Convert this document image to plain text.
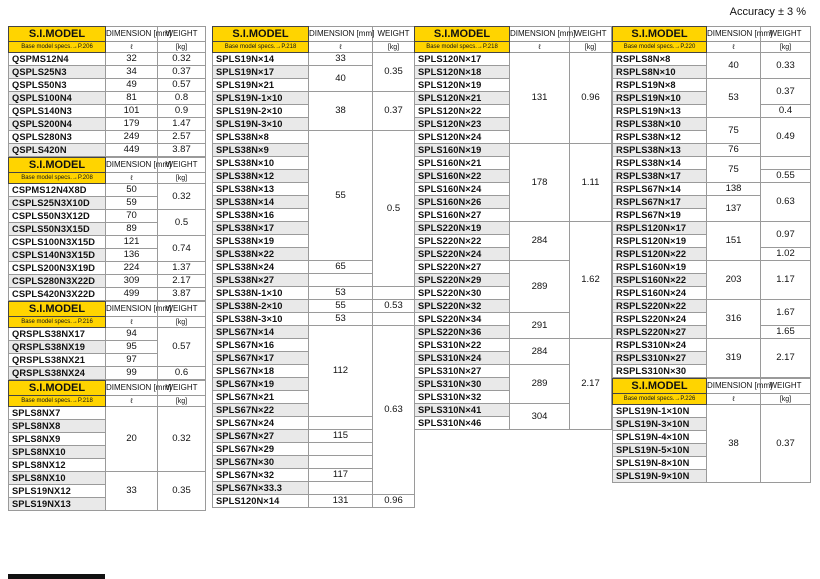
Accuracy ± 3 %
S.I.MODEL	DIMENSION [mm]	WEIGHT
Base model specs.→P.206	ℓ	[kg]
QSPMS12N4	32	0.32
QSPLS25N3	34	0.37
QSPLS50N3	49	0.57
QSPLS100N4	81	0.8
QSPLS140N3	101	0.9
QSPLS200N4	179	1.47
QSPLS280N3	249	2.57
QSPLS420N	449	3.87
S.I.MODEL	DIMENSION [mm]	WEIGHT
Base model specs.→P.208	ℓ	[kg]
CSPMS12N4X8D	50	0.32
CSPLS25N3X10D	59	
CSPLS50N3X12D	70	0.5
CSPLS50N3X15D	89	
CSPLS100N3X15D	121	0.74
CSPLS140N3X15D	136	
CSPLS200N3X19D	224	1.37
CSPLS280N3X22D	309	2.17
CSPLS420N3X22D	499	3.87
S.I.MODEL	DIMENSION [mm]	WEIGHT
Base model specs.→P.216	ℓ	[kg]
QRSPLS38NX17	94	0.57
QRSPLS38NX19	95	
QRSPLS38NX21	97	
QRSPLS38NX24	99	0.6
S.I.MODEL	DIMENSION [mm]	WEIGHT
Base model specs.→P.218	ℓ	[kg]
SPLS8NX7	20	0.32
SPLS8NX8		
SPLS8NX9		
SPLS8NX10		
SPLS8NX12		
SPLS8NX10	33	0.35
SPLS19NX12		
SPLS19NX13		
S.I.MODEL	DIMENSION [mm]	WEIGHT
Base model specs.→P.218	ℓ	[kg]
SPLS19N×14	33	0.35
SPLS19N×17	40	
SPLS19N×21		
SPLS19N-1×10	38	0.37
SPLS19N-2×10		
SPLS19N-3×10		
SPLS38N×8	55	0.5
SPLS38N×9		
SPLS38N×10		
SPLS38N×12		
SPLS38N×13		
SPLS38N×14		
SPLS38N×16		
SPLS38N×17		
SPLS38N×19		
SPLS38N×22		
SPLS38N×24	65	
SPLS38N×27		
SPLS38N-1×10	53	
SPLS38N-2×10	55	0.53
SPLS38N-3×10	53	
SPLS67N×14	112	0.63
SPLS67N×16		
SPLS67N×17		
SPLS67N×18		
SPLS67N×19		
SPLS67N×21		
SPLS67N×22		
SPLS67N×24		
SPLS67N×27	115	
SPLS67N×29		
SPLS67N×30		
SPLS67N×32	117	
SPLS67N×33.3		
SPLS120N×14	131	0.96
S.I.MODEL	DIMENSION [mm]	WEIGHT
Base model specs.→P.218	ℓ	[kg]
SPLS120N×17	131	0.96
SPLS120N×18		
SPLS120N×19		
SPLS120N×21		
SPLS120N×22		
SPLS120N×23		
SPLS120N×24		
SPLS160N×19	178	1.11
SPLS160N×21		
SPLS160N×22		
SPLS160N×24		
SPLS160N×26		
SPLS160N×27		
SPLS220N×19	284	1.62
SPLS220N×22		
SPLS220N×24		
SPLS220N×27	289	
SPLS220N×29		
SPLS220N×30		
SPLS220N×32		
SPLS220N×34	291	
SPLS220N×36		
SPLS310N×22	284	2.17
SPLS310N×24		
SPLS310N×27	289	
SPLS310N×30		
SPLS310N×32		
SPLS310N×41	304	
SPLS310N×46		
S.I.MODEL	DIMENSION [mm]	WEIGHT
Base model specs.→P.220	ℓ	[kg]
RSPLS8N×8	40	0.33
RSPLS8N×10		
RSPLS19N×8	53	0.37
RSPLS19N×10		
RSPLS19N×13		0.4
RSPLS38N×10	75	0.49
RSPLS38N×12		
RSPLS38N×13	76	
RSPLS38N×14	75	
RSPLS38N×17		0.55
RSPLS67N×14	138	0.63
RSPLS67N×17	137	
RSPLS67N×19		
RSPLS120N×17	151	0.97
RSPLS120N×19		
RSPLS120N×22		1.02
RSPLS160N×19	203	1.17
RSPLS160N×22		
RSPLS160N×24		
RSPLS220N×22	316	1.67
RSPLS220N×24		
RSPLS220N×27		1.65
RSPLS310N×24	319	2.17
RSPLS310N×27		
RSPLS310N×30		
S.I.MODEL	DIMENSION [mm]	WEIGHT
Base model specs.→P.226	ℓ	[kg]
SPLS19N-1×10N	38	0.37
SPLS19N-3×10N		
SPLS19N-4×10N		
SPLS19N-5×10N		
SPLS19N-8×10N		
SPLS19N-9×10N		
